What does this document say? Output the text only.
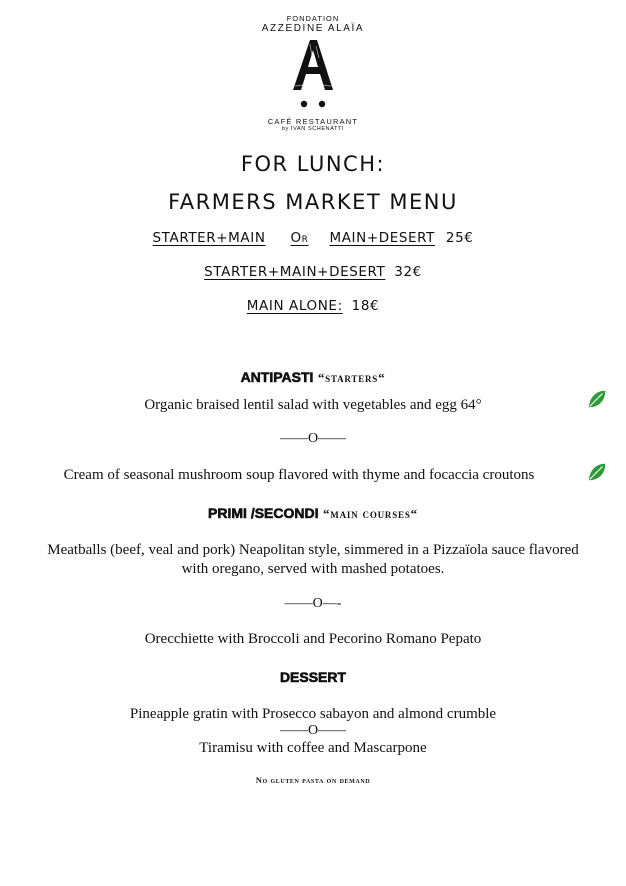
FONDATION
AZZEDINE ALAÏA
CAFÉ RESTAURANT
by IVAN SCHENATTI
FOR LUNCH:
FARMERS MARKET MENU
STARTER+MAIN Or MAIN+DESERT 25€
STARTER+MAIN+DESERT 32€
MAIN ALONE: 18€
ANTIPASTI “starters“
Organic braised lentil salad with vegetables and egg 64°
——O——
Cream of seasonal mushroom soup flavored with thyme and focaccia croutons
PRIMI /SECONDI “main courses“
Meatballs (beef, veal and pork) Neapolitan style, simmered in a Pizzaïola sauce flavored
with oregano, served with mashed potatoes.
——O—-
Orecchiette with Broccoli and Pecorino Romano Pepato
DESSERT
Pineapple gratin with Prosecco sabayon and almond crumble
——O——
Tiramisu with coffee and Mascarpone
No gluten pasta on demand
